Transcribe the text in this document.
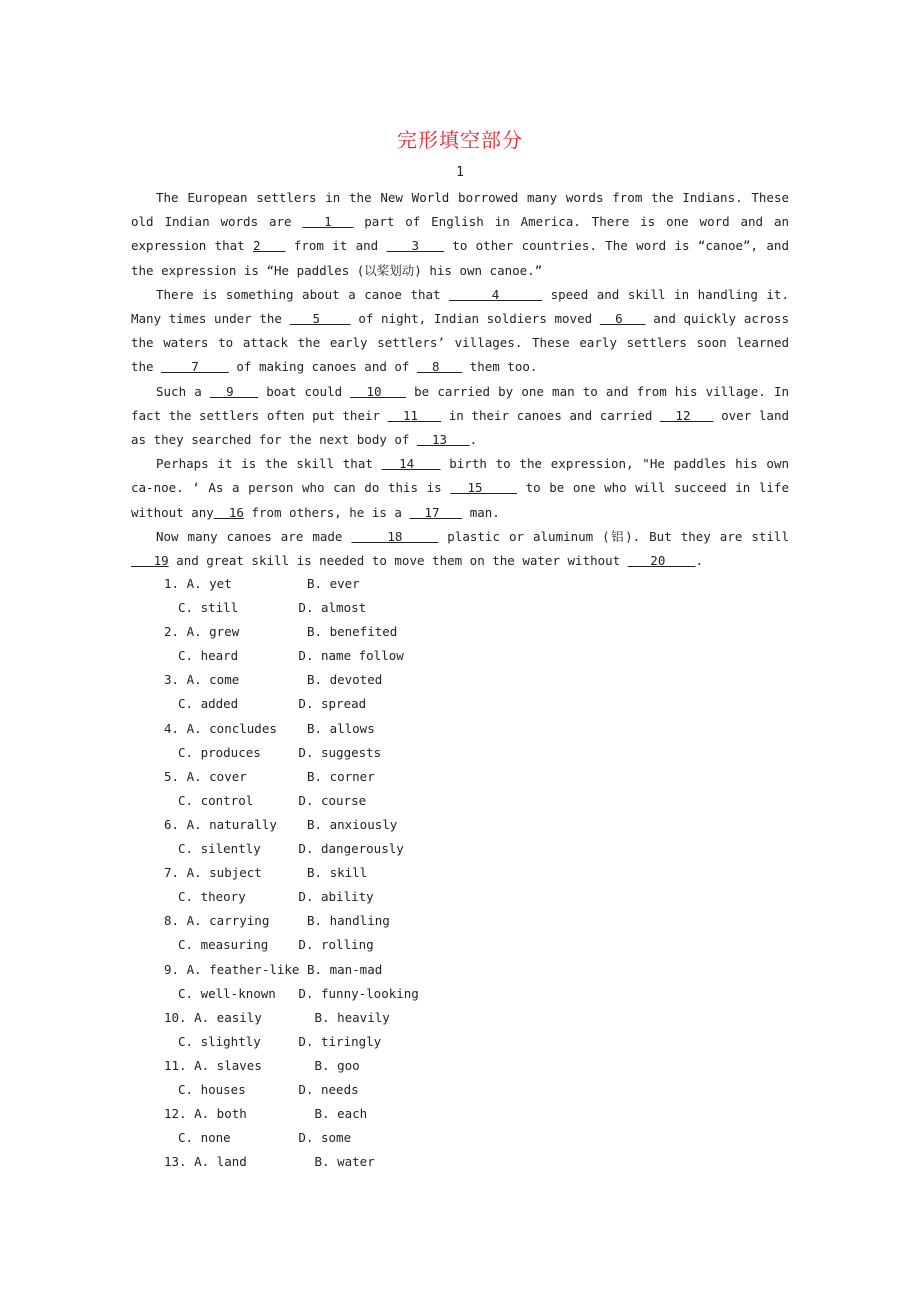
完形填空部分
1

The European settlers in the New World borrowed many words from the Indians. These old Indian words are   1   part of English in America. There is one word and an expression that 2    from it and    3    to other countries. The word is “canoe”, and the expression is “He paddles (以桨划动) his own canoe.”

There is something about a canoe that      4      speed and skill in handling it. Many times under the    5     of night, Indian soldiers moved   6    and quickly across the waters to attack the early settlers’ villages. These early settlers soon learned the     7     of making canoes and of   8    them too.

Such a   9    boat could   10    be carried by one man to and from his village. In fact the settlers often put their   11    in their canoes and carried   12    over land as they searched for the next body of   13   .

Perhaps it is the skill that   14    birth to the expression, "He paddles his own ca-noe. ‘ As a person who can do this is   15     to be one who will succeed in life without any  16 from others, he is a   17    man.

Now many canoes are made     18     plastic or aluminum (铝). But they are still    19 and great skill is needed to move them on the water without    20    .

1. A. yet          B. ever
C. still        D. almost
2. A. grew         B. benefited
C. heard        D. name follow
3. A. come         B. devoted
C. added        D. spread
4. A. concludes    B. allows
C. produces     D. suggests
5. A. cover        B. corner
C. control      D. course
6. A. naturally    B. anxiously
C. silently     D. dangerously
7. A. subject      B. skill
C. theory       D. ability
8. A. carrying     B. handling
C. measuring    D. rolling
9. A. feather-like B. man-mad
C. well-known   D. funny-looking
10. A. easily       B. heavily
C. slightly     D. tiringly
11. A. slaves       B. goo
C. houses       D. needs
12. A. both         B. each
C. none         D. some
13. A. land         B. water
